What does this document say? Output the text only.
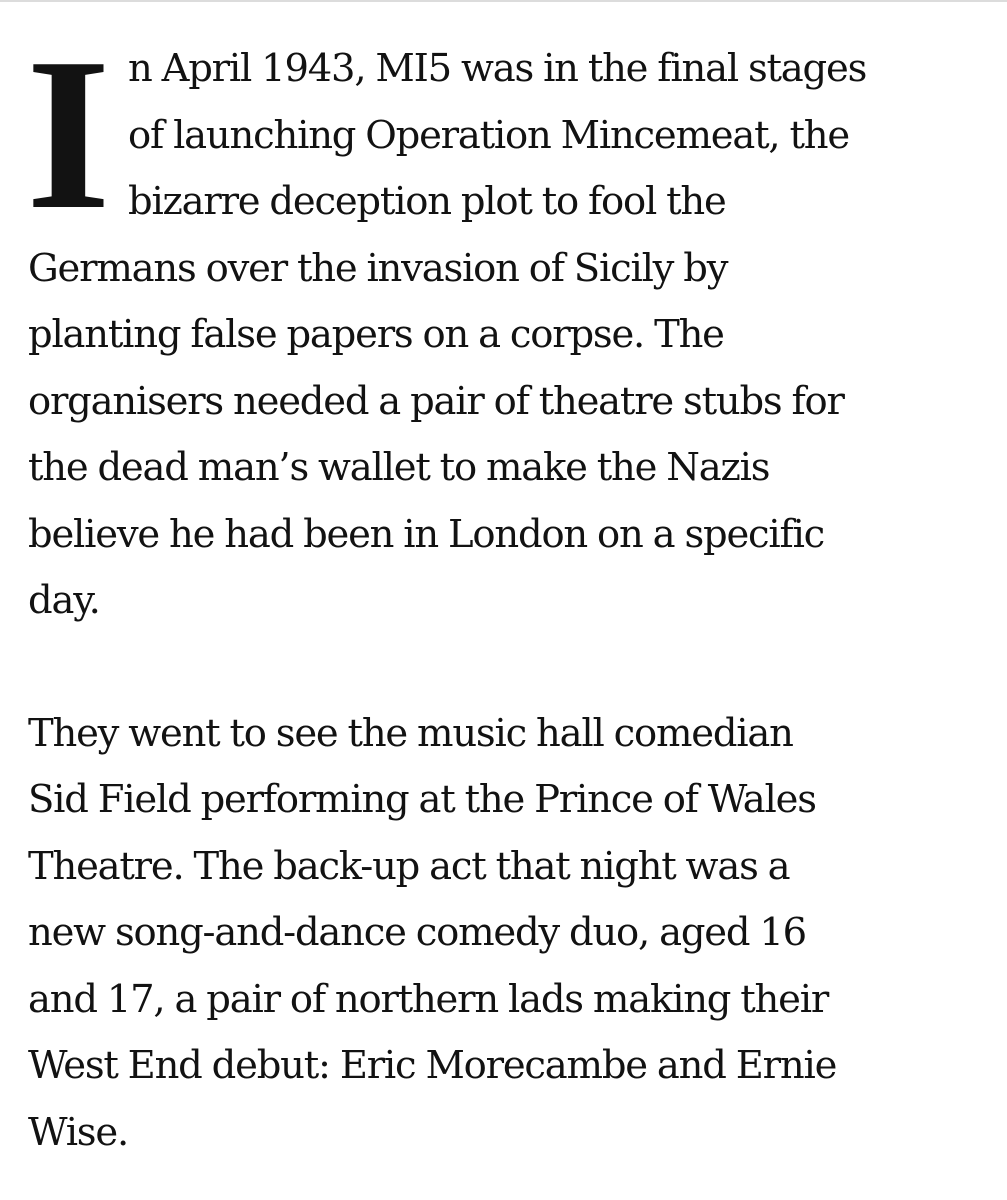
I n April 1943, MI5 was in the final stages
of launching Operation Mincemeat, the
bizarre deception plot to fool the
Germans over the invasion of Sicily by
planting false papers on a corpse. The
organisers needed a pair of theatre stubs for
the dead man’s wallet to make the Nazis
believe he had been in London on a specific
day.
They went to see the music hall comedian
Sid Field performing at the Prince of Wales
Theatre. The back-up act that night was a
new song-and-dance comedy duo, aged 16
and 17, a pair of northern lads making their
West End debut: Eric Morecambe and Ernie
Wise.
